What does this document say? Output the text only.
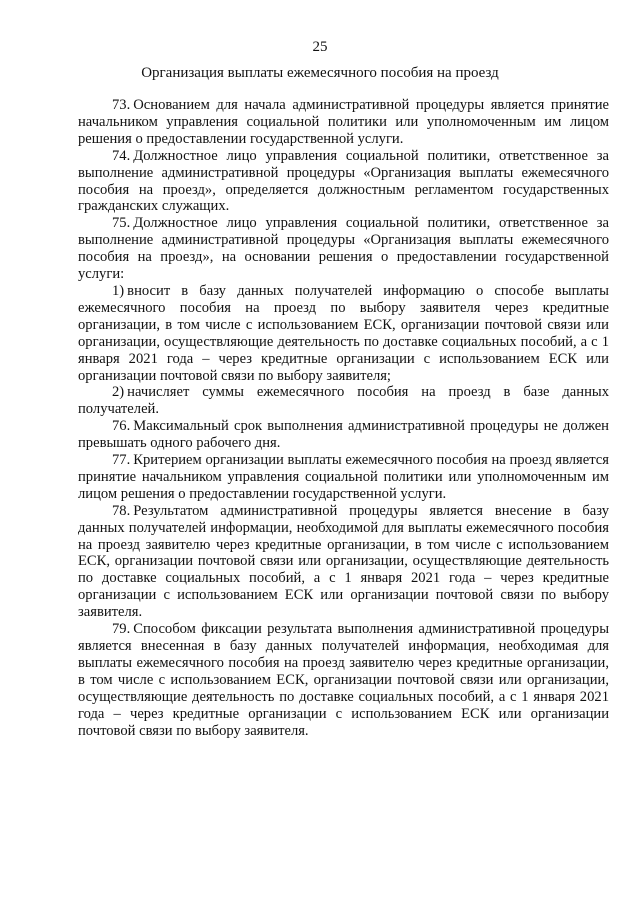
25
Организация выплаты ежемесячного пособия на проезд

73. Основанием для начала административной процедуры является принятие начальником управления социальной политики или уполномоченным им лицом решения о предоставлении государственной услуги.

74. Должностное лицо управления социальной политики, ответственное за выполнение административной процедуры «Организация выплаты ежемесячного пособия на проезд», определяется должностным регламентом государственных гражданских служащих.

75. Должностное лицо управления социальной политики, ответственное за выполнение административной процедуры «Организация выплаты ежемесячного пособия на проезд», на основании решения о предоставлении государственной услуги:

1) вносит в базу данных получателей информацию о способе выплаты ежемесячного пособия на проезд по выбору заявителя через кредитные организации, в том числе с использованием ЕСК, организации почтовой связи или организации, осуществляющие деятельность по доставке социальных пособий, а с 1 января 2021 года – через кредитные организации с использованием ЕСК или организации почтовой связи по выбору заявителя;

2) начисляет суммы ежемесячного пособия на проезд в базе данных получателей.

76. Максимальный срок выполнения административной процедуры не должен превышать одного рабочего дня.

77. Критерием организации выплаты ежемесячного пособия на проезд является принятие начальником управления социальной политики или уполномоченным им лицом решения о предоставлении государственной услуги.

78. Результатом административной процедуры является внесение в базу данных получателей информации, необходимой для выплаты ежемесячного пособия на проезд заявителю через кредитные организации, в том числе с использованием ЕСК, организации почтовой связи или организации, осуществляющие деятельность по доставке социальных пособий, а с 1 января 2021 года – через кредитные организации с использованием ЕСК или организации почтовой связи по выбору заявителя.

79. Способом фиксации результата выполнения административной процедуры является внесенная в базу данных получателей информация, необходимая для выплаты ежемесячного пособия на проезд заявителю через кредитные организации, в том числе с использованием ЕСК, организации почтовой связи или организации, осуществляющие деятельность по доставке социальных пособий, а с 1 января 2021 года – через кредитные организации с использованием ЕСК или организации почтовой связи по выбору заявителя.
